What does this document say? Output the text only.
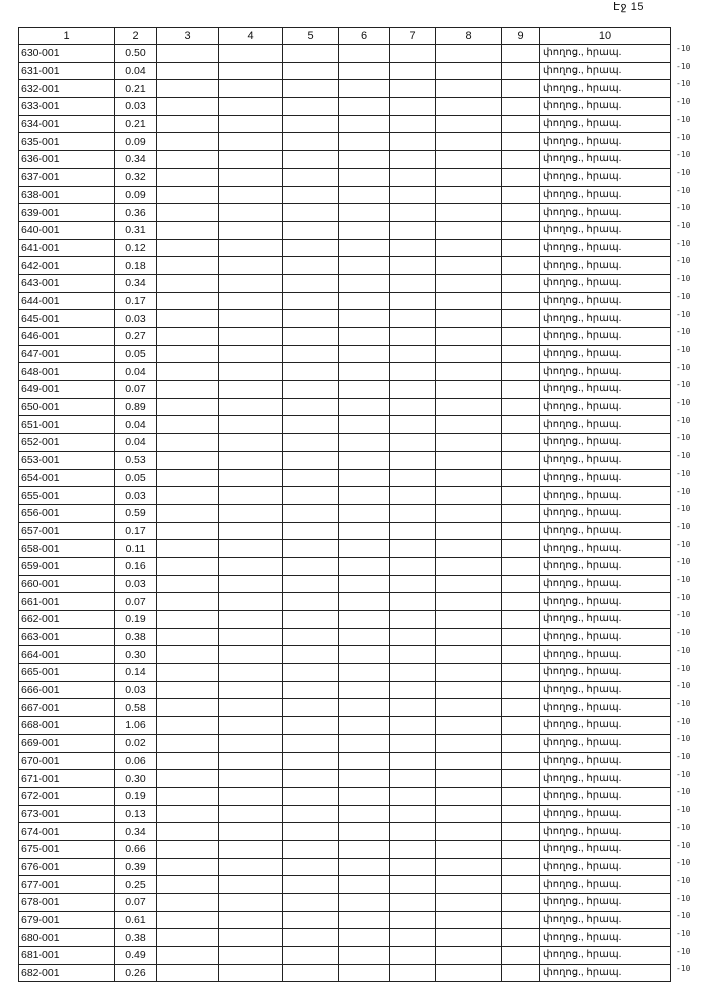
Էջ 15
1	2	3	4	5	6	7	8	9	10
630-001	0.50								փողոց., հրապ.
631-001	0.04								փողոց., հրապ.
632-001	0.21								փողոց., հրապ.
633-001	0.03								փողոց., հրապ.
634-001	0.21								փողոց., հրապ.
635-001	0.09								փողոց., հրապ.
636-001	0.34								փողոց., հրապ.
637-001	0.32								փողոց., հրապ.
638-001	0.09								փողոց., հրապ.
639-001	0.36								փողոց., հրապ.
640-001	0.31								փողոց., հրապ.
641-001	0.12								փողոց., հրապ.
642-001	0.18								փողոց., հրապ.
643-001	0.34								փողոց., հրապ.
644-001	0.17								փողոց., հրապ.
645-001	0.03								փողոց., հրապ.
646-001	0.27								փողոց., հրապ.
647-001	0.05								փողոց., հրապ.
648-001	0.04								փողոց., հրապ.
649-001	0.07								փողոց., հրապ.
650-001	0.89								փողոց., հրապ.
651-001	0.04								փողոց., հրապ.
652-001	0.04								փողոց., հրապ.
653-001	0.53								փողոց., հրապ.
654-001	0.05								փողոց., հրապ.
655-001	0.03								փողոց., հրապ.
656-001	0.59								փողոց., հրապ.
657-001	0.17								փողոց., հրապ.
658-001	0.11								փողոց., հրապ.
659-001	0.16								փողոց., հրապ.
660-001	0.03								փողոց., հրապ.
661-001	0.07								փողոց., հրապ.
662-001	0.19								փողոց., հրապ.
663-001	0.38								փողոց., հրապ.
664-001	0.30								փողոց., հրապ.
665-001	0.14								փողոց., հրապ.
666-001	0.03								փողոց., հրապ.
667-001	0.58								փողոց., հրապ.
668-001	1.06								փողոց., հրապ.
669-001	0.02								փողոց., հրապ.
670-001	0.06								փողոց., հրապ.
671-001	0.30								փողոց., հրապ.
672-001	0.19								փողոց., հրապ.
673-001	0.13								փողոց., հրապ.
674-001	0.34								փողոց., հրապ.
675-001	0.66								փողոց., հրապ.
676-001	0.39								փողոց., հրապ.
677-001	0.25								փողոց., հրապ.
678-001	0.07								փողոց., հրապ.
679-001	0.61								փողոց., հրապ.
680-001	0.38								փողոց., հրապ.
681-001	0.49								փողոց., հրապ.
682-001	0.26								փողոց., հրապ.
-10
-10
-10
-10
-10
-10
-10
-10
-10
-10
-10
-10
-10
-10
-10
-10
-10
-10
-10
-10
-10
-10
-10
-10
-10
-10
-10
-10
-10
-10
-10
-10
-10
-10
-10
-10
-10
-10
-10
-10
-10
-10
-10
-10
-10
-10
-10
-10
-10
-10
-10
-10
-10
